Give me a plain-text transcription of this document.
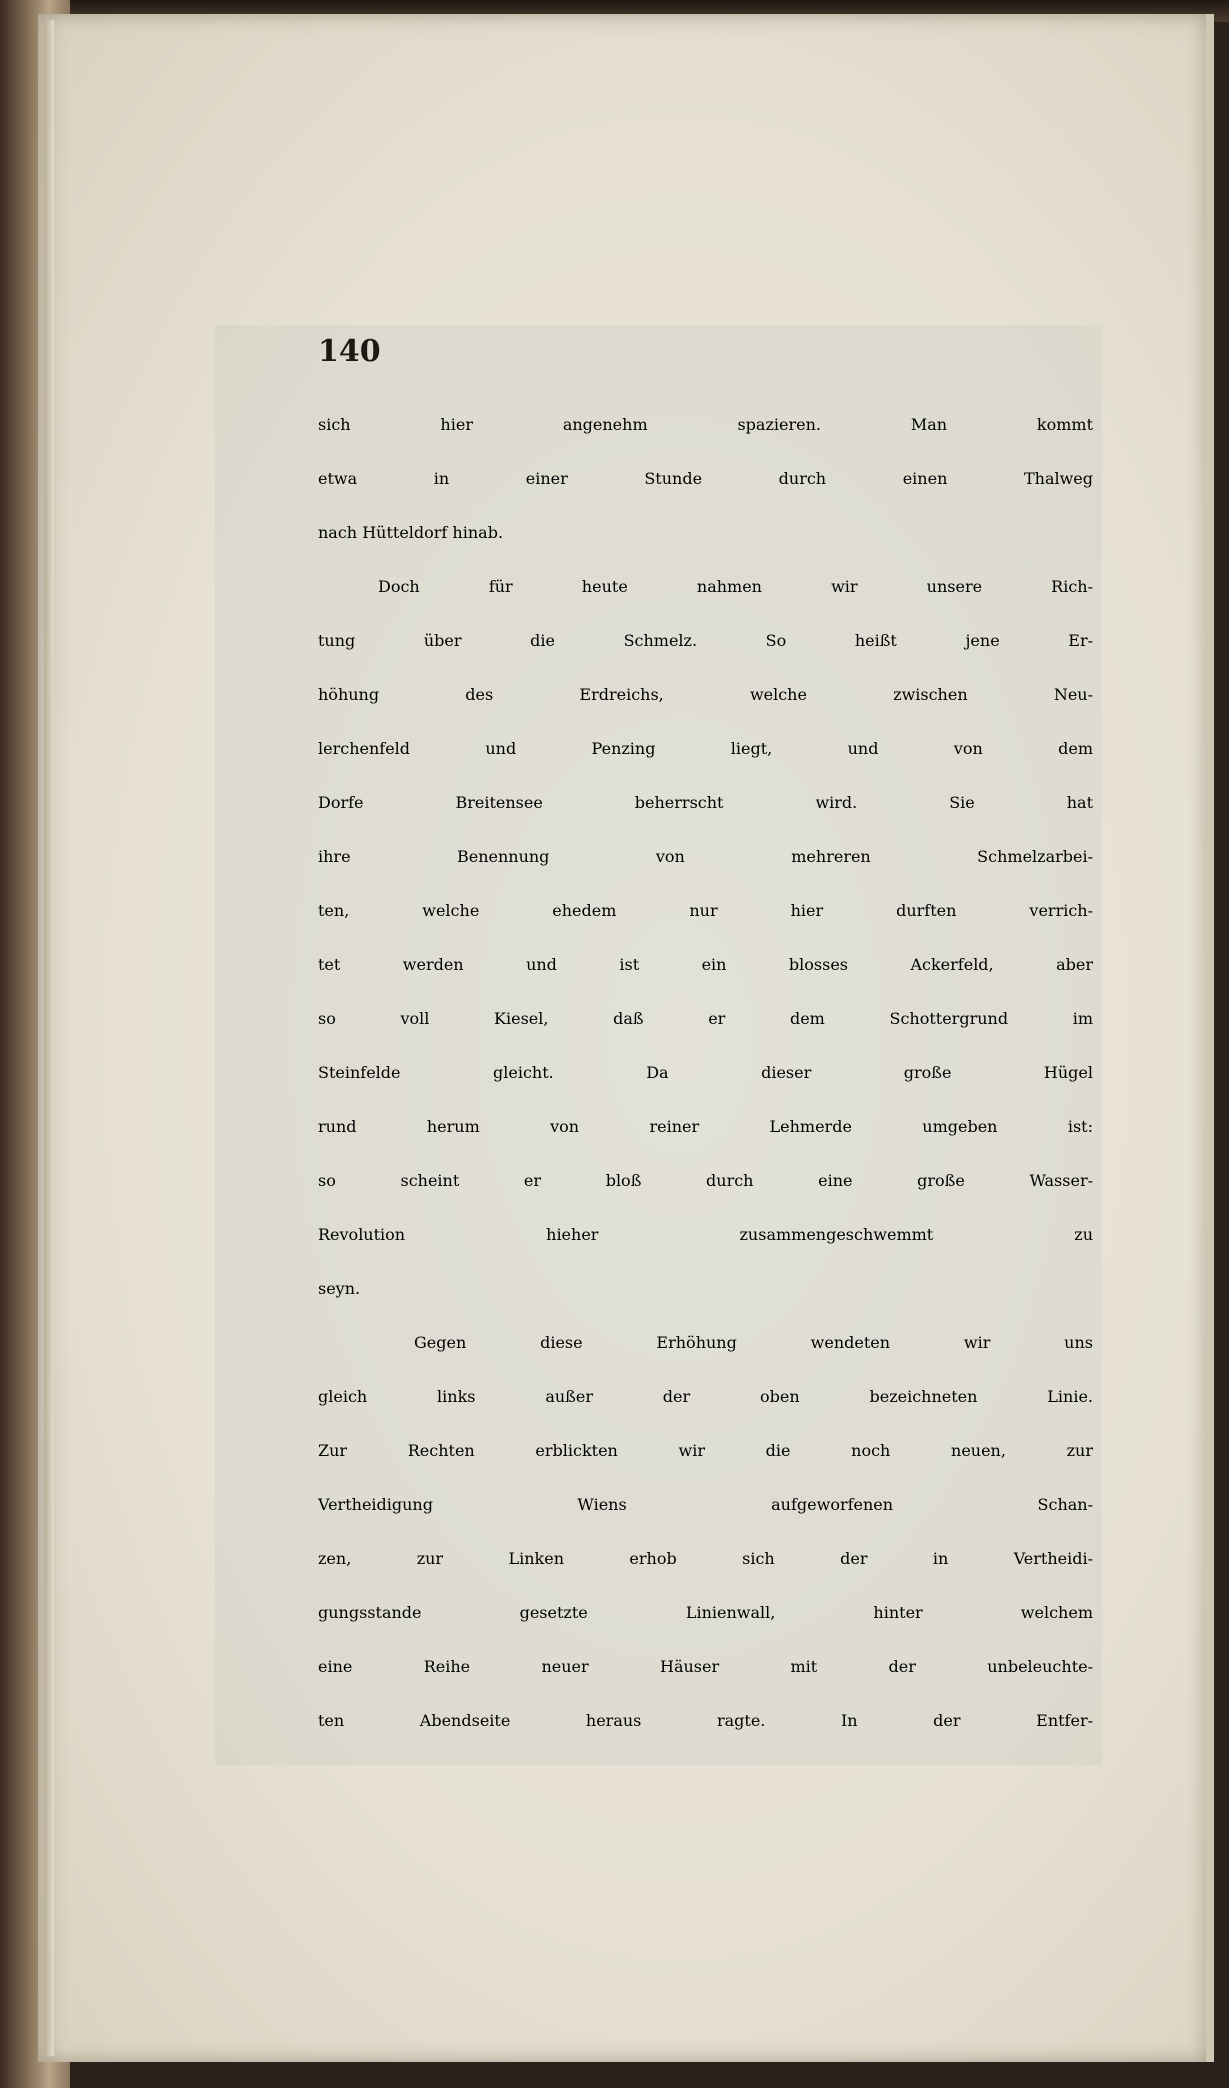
140
sich hier angenehm spazieren. Man kommt
etwa in einer Stunde durch einen Thalweg
nach Hütteldorf hinab.
Doch für heute nahmen wir unsere Rich-
tung über die Schmelz. So heißt jene Er-
höhung des Erdreichs, welche zwischen Neu-
lerchenfeld und Penzing liegt, und von dem
Dorfe Breitensee beherrscht wird. Sie hat
ihre Benennung von mehreren Schmelzarbei-
ten, welche ehedem nur hier durften verrich-
tet werden und ist ein blosses Ackerfeld, aber
so voll Kiesel, daß er dem Schottergrund im
Steinfelde gleicht. Da dieser große Hügel
rund herum von reiner Lehmerde umgeben ist:
so scheint er bloß durch eine große Wasser-
Revolution hieher zusammengeschwemmt zu
seyn.
Gegen diese Erhöhung wendeten wir uns
gleich links außer der oben bezeichneten Linie.
Zur Rechten erblickten wir die noch neuen, zur
Vertheidigung Wiens aufgeworfenen Schan-
zen, zur Linken erhob sich der in Vertheidi-
gungsstande gesetzte Linienwall, hinter welchem
eine Reihe neuer Häuser mit der unbeleuchte-
ten Abendseite heraus ragte. In der Entfer-
